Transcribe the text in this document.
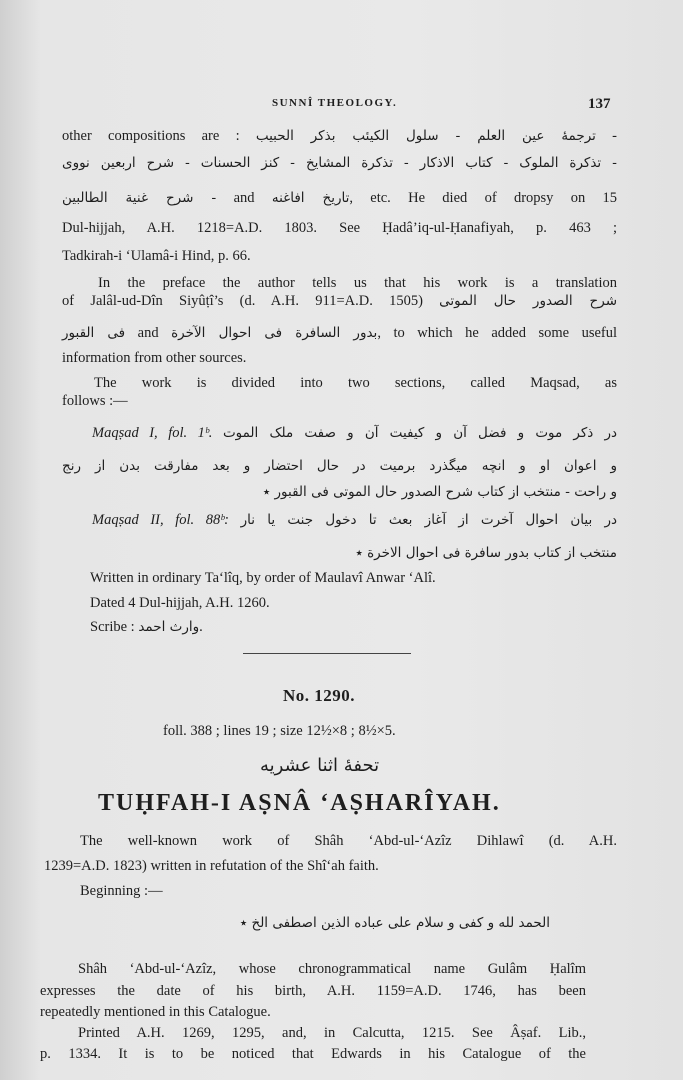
SUNNÎ THEOLOGY.	137
other compositions are : ترجمهٔ عین العلم - سلول الکیئب بذکر الحبیب -
- تذکرة الملوک - کتاب الاذکار - تذکرة المشایخ - کنز الحسنات - شرح اربعین نووی
- شرح غنیة الطالبین and تاریخ افاغنه, etc. He died of dropsy on 15
Dul-hijjah, A.H. 1218=A.D. 1803. See Ḥadâ’iq-ul-Ḥanafiyah, p. 463 ;
Tadkirah-i ‘Ulamâ-i Hind, p. 66.
In the preface the author tells us that his work is a translation
of Jalâl-ud-Dîn Siyûṭî’s (d. A.H. 911=A.D. 1505) شرح الصدور حال الموتی
فی القبور and بدور السافرة فی احوال الآخرة, to which he added some useful
information from other sources.
The work is divided into two sections, called Maqsad, as
follows :—
Maqṣad I, fol. 1ᵇ. در ذکر موت و فضل آن و کیفیت آن و صفت ملک الموت
و اعوان او و انچه میگذرد برمیت در حال احتضار و بعد مفارقت بدن از رنج
و راحت - منتخب از کتاب شرح الصدور حال الموتی فی القبور ٭
Maqṣad II, fol. 88ᵇ: در بیان احوال آخرت از آغاز بعث تا دخول جنت یا نار
منتخب از کتاب بدور سافرة فی احوال الاخرة ٭
Written in ordinary Ta‘lîq, by order of Maulavî Anwar ‘Alî.
Dated 4 Dul-hijjah, A.H. 1260.
Scribe : وارث احمد.
No. 1290.
foll. 388 ; lines 19 ; size 12½×8 ; 8½×5.
تحفۀ اثنا عشریه
TUḤFAH-I AṢNÂ ‘AṢHARÎYAH.
The well-known work of Shâh ‘Abd-ul-‘Azîz Dihlawî (d. A.H.
1239=A.D. 1823) written in refutation of the Shî‘ah faith.
Beginning :—
الحمد لله و کفی و سلام علی عباده الذین اصطفی الخ ٭
Shâh ‘Abd-ul-‘Azîz, whose chronogrammatical name Gulâm Ḥalîm
expresses the date of his birth, A.H. 1159=A.D. 1746, has been
repeatedly mentioned in this Catalogue.
Printed A.H. 1269, 1295, and, in Calcutta, 1215. See Âṣaf. Lib.,
p. 1334. It is to be noticed that Edwards in his Catalogue of the
